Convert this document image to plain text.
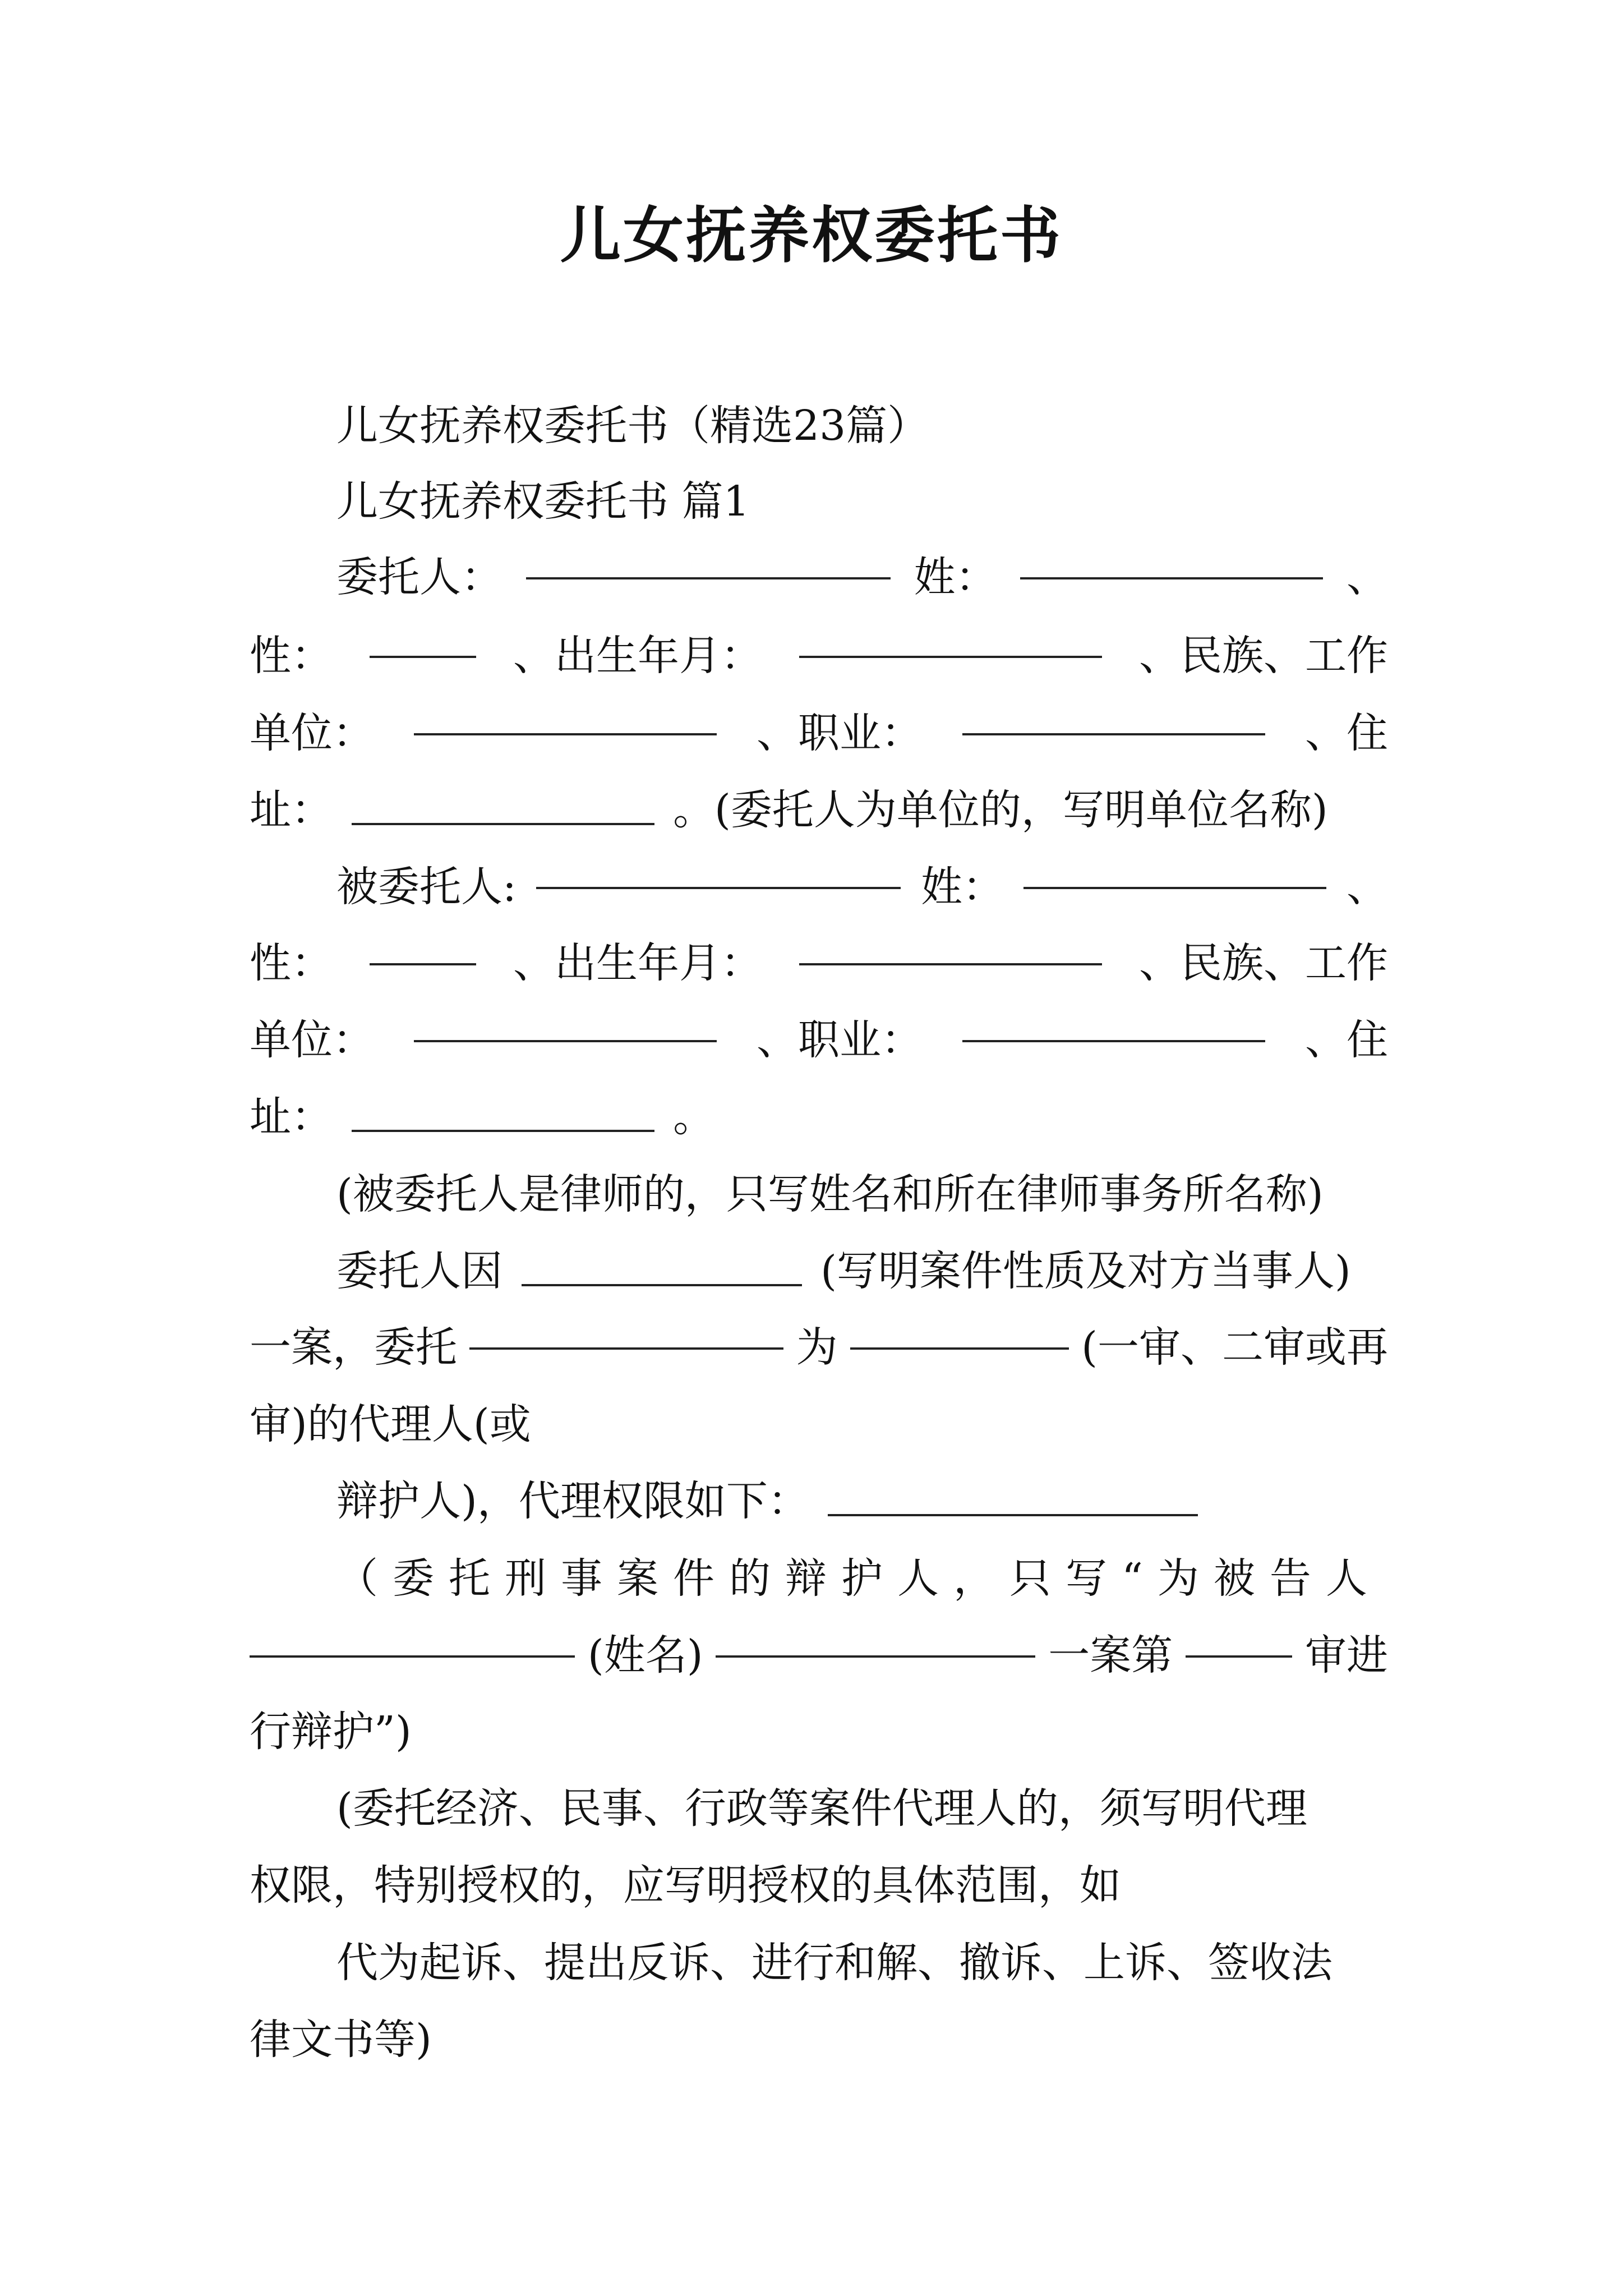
儿女抚养权委托书
儿女抚养权委托书（精选23篇）
儿女抚养权委托书 篇1
委托人：	姓：	、
性：	、出生年月：	、民族、工作
单位：	、职业：	、住
址：	。(委托人为单位的，写明单位名称)
被委托人:	姓：	、
性：	、出生年月：	、民族、工作
单位：	、职业：	、住
址：	。
(被委托人是律师的，只写姓名和所在律师事务所名称)
委托人因	(写明案件性质及对方当事人)
一案，委托	为	(一审、二审或再
审)的代理人(或
辩护人)，代理权限如下：
（委托刑事案件的辩护人，只写“为被告人
(姓名)	一案第	审进
行辩护”)
(委托经济、民事、行政等案件代理人的，须写明代理
权限，特别授权的，应写明授权的具体范围，如
代为起诉、提出反诉、进行和解、撤诉、上诉、签收法
律文书等)
